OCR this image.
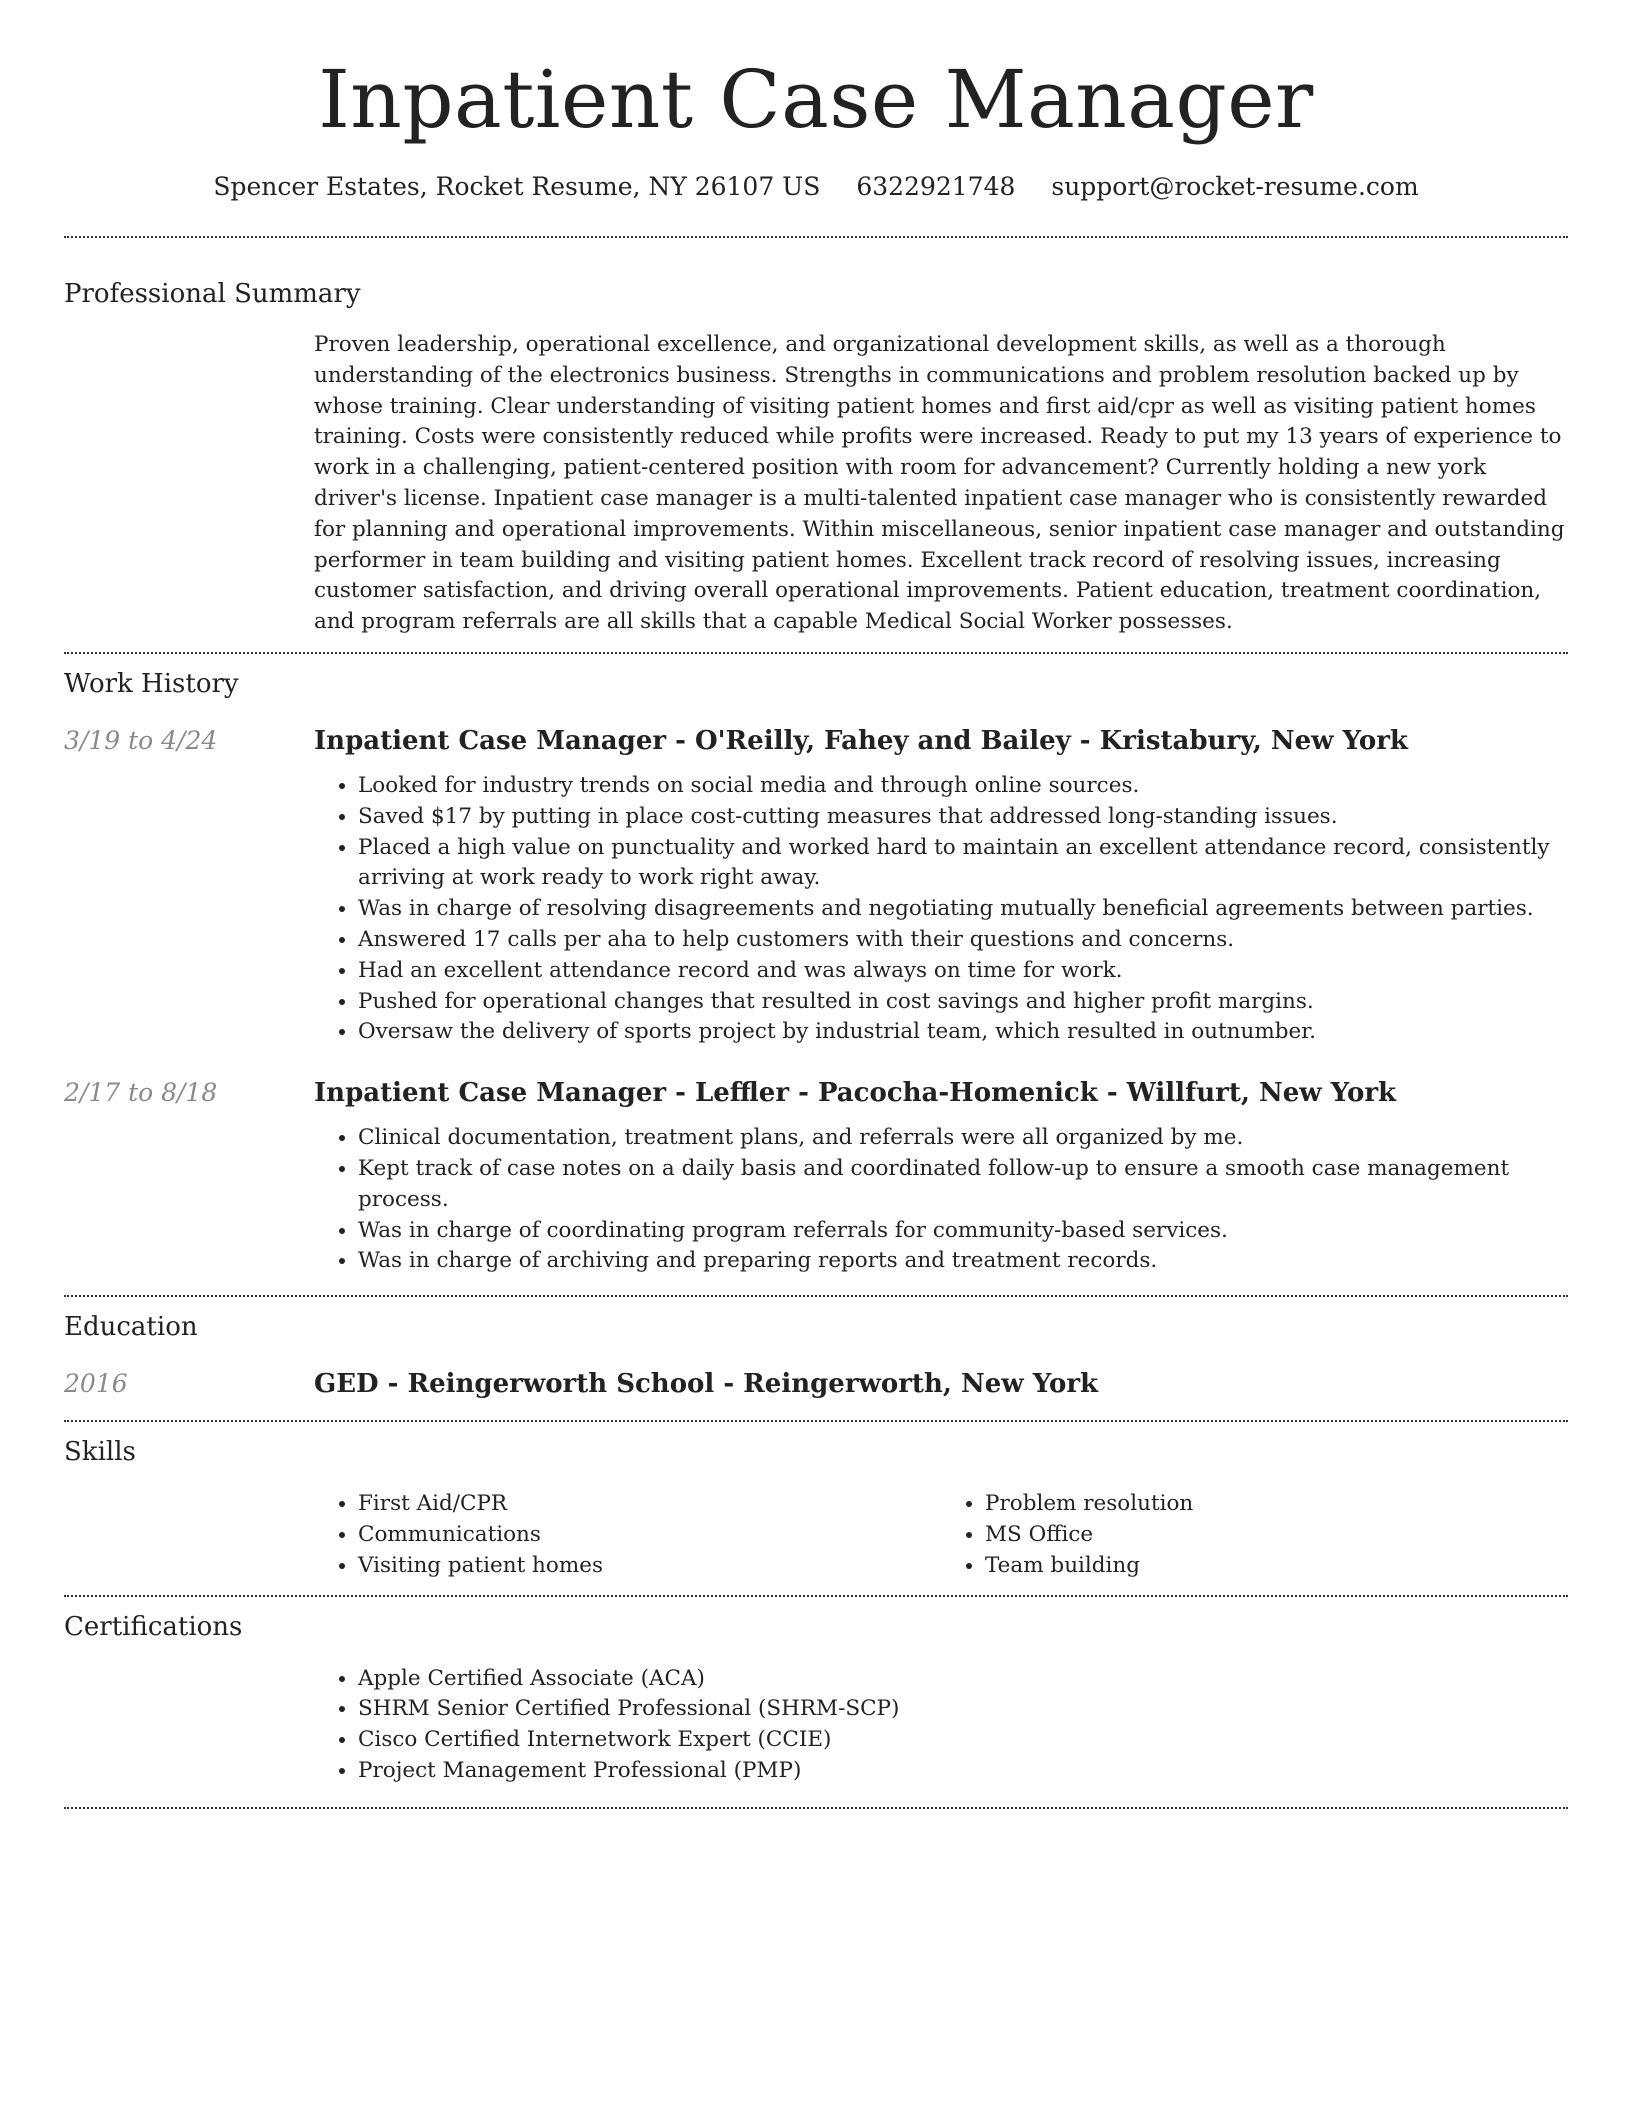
Inpatient Case Manager
Spencer Estates, Rocket Resume, NY 26107 US 6322921748 support@rocket-resume.com
Professional Summary

Proven leadership, operational excellence, and organizational development skills, as well as a thorough understanding of the electronics business. Strengths in communications and problem resolution backed up by whose training. Clear understanding of visiting patient homes and first aid/cpr as well as visiting patient homes training. Costs were consistently reduced while profits were increased. Ready to put my 13 years of experience to work in a challenging, patient-centered position with room for advancement? Currently holding a new york driver's license. Inpatient case manager is a multi-talented inpatient case manager who is consistently rewarded for planning and operational improvements. Within miscellaneous, senior inpatient case manager and outstanding performer in team building and visiting patient homes. Excellent track record of resolving issues, increasing customer satisfaction, and driving overall operational improvements. Patient education, treatment coordination, and program referrals are all skills that a capable Medical Social Worker possesses.

Work History
3/19 to 4/24	Inpatient Case Manager - O'Reilly, Fahey and Bailey - Kristabury, New York
• Looked for industry trends on social media and through online sources.
• Saved $17 by putting in place cost-cutting measures that addressed long-standing issues.
• Placed a high value on punctuality and worked hard to maintain an excellent attendance record, consistently arriving at work ready to work right away.
• Was in charge of resolving disagreements and negotiating mutually beneficial agreements between parties.
• Answered 17 calls per aha to help customers with their questions and concerns.
• Had an excellent attendance record and was always on time for work.
• Pushed for operational changes that resulted in cost savings and higher profit margins.
• Oversaw the delivery of sports project by industrial team, which resulted in outnumber.
2/17 to 8/18	Inpatient Case Manager - Leffler - Pacocha-Homenick - Willfurt, New York
• Clinical documentation, treatment plans, and referrals were all organized by me.
• Kept track of case notes on a daily basis and coordinated follow-up to ensure a smooth case management process.
• Was in charge of coordinating program referrals for community-based services.
• Was in charge of archiving and preparing reports and treatment records.
Education
2016	GED - Reingerworth School - Reingerworth, New York
Skills
• First Aid/CPR
• Communications
• Visiting patient homes
• Problem resolution
• MS Office
• Team building
Certifications
• Apple Certified Associate (ACA)
• SHRM Senior Certified Professional (SHRM-SCP)
• Cisco Certified Internetwork Expert (CCIE)
• Project Management Professional (PMP)
